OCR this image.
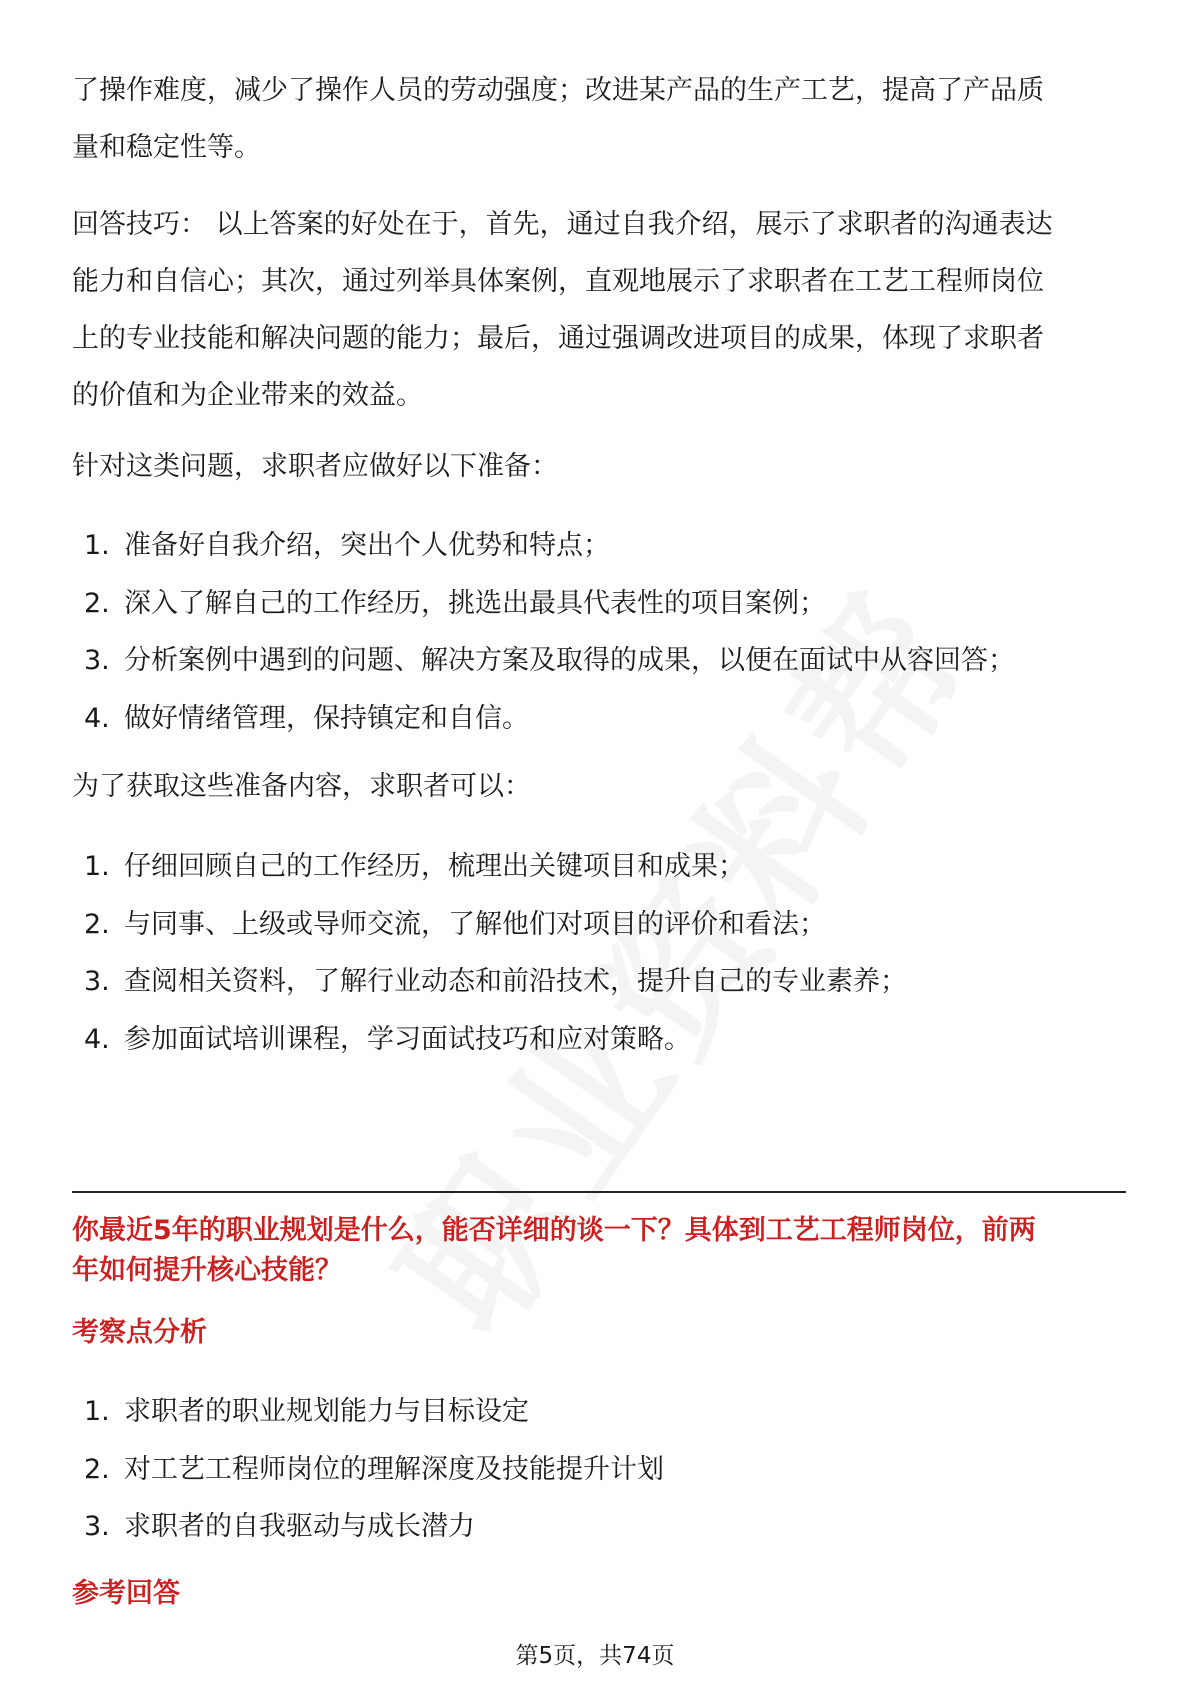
了操作难度，减少了操作人员的劳动强度；改进某产品的生产工艺，提高了产品质
量和稳定性等。

回答技巧： 以上答案的好处在于，首先，通过自我介绍，展示了求职者的沟通表达
能力和自信心；其次，通过列举具体案例，直观地展示了求职者在工艺工程师岗位
上的专业技能和解决问题的能力；最后，通过强调改进项目的成果，体现了求职者
的价值和为企业带来的效益。

针对这类问题，求职者应做好以下准备：

1. 准备好自我介绍，突出个人优势和特点；
2. 深入了解自己的工作经历，挑选出最具代表性的项目案例；
3. 分析案例中遇到的问题、解决方案及取得的成果，以便在面试中从容回答；
4. 做好情绪管理，保持镇定和自信。

为了获取这些准备内容，求职者可以：

1. 仔细回顾自己的工作经历，梳理出关键项目和成果；
2. 与同事、上级或导师交流，了解他们对项目的评价和看法；
3. 查阅相关资料，了解行业动态和前沿技术，提升自己的专业素养；
4. 参加面试培训课程，学习面试技巧和应对策略。

你最近5年的职业规划是什么，能否详细的谈一下？具体到工艺工程师岗位，前两
年如何提升核心技能？

考察点分析

1. 求职者的职业规划能力与目标设定
2. 对工艺工程师岗位的理解深度及技能提升计划
3. 求职者的自我驱动与成长潜力

参考回答

第5页，共74页
